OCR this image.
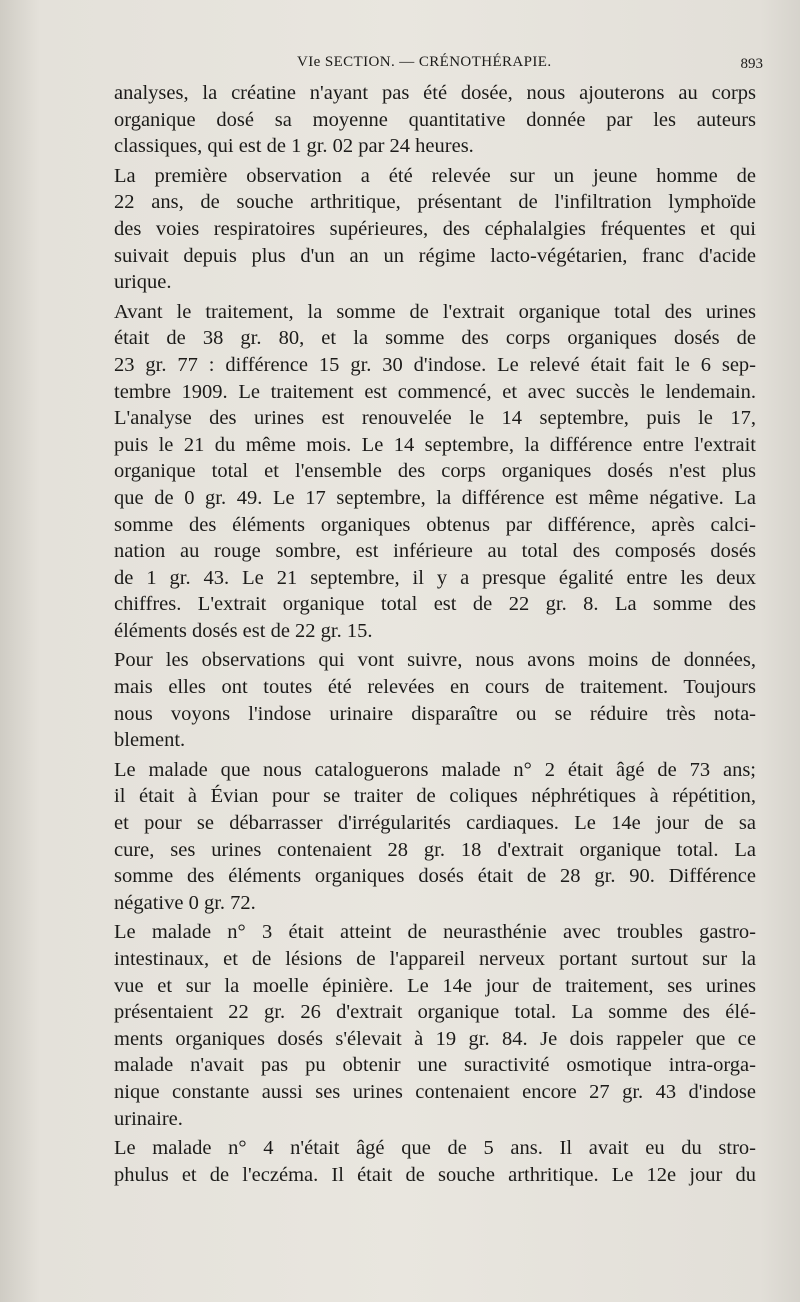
VIe SECTION. — CRÉNOTHÉRAPIE.	893

analyses, la créatine n'ayant pas été dosée, nous ajouterons au corps
organique dosé sa moyenne quantitative donnée par les auteurs
classiques, qui est de 1 gr. 02 par 24 heures.

La première observation a été relevée sur un jeune homme de
22 ans, de souche arthritique, présentant de l'infiltration lymphoïde
des voies respiratoires supérieures, des céphalalgies fréquentes et qui
suivait depuis plus d'un an un régime lacto-végétarien, franc d'acide
urique.

Avant le traitement, la somme de l'extrait organique total des urines
était de 38 gr. 80, et la somme des corps organiques dosés de
23 gr. 77 : différence 15 gr. 30 d'indose. Le relevé était fait le 6 sep-
tembre 1909. Le traitement est commencé, et avec succès le lendemain.
L'analyse des urines est renouvelée le 14 septembre, puis le 17,
puis le 21 du même mois. Le 14 septembre, la différence entre l'extrait
organique total et l'ensemble des corps organiques dosés n'est plus
que de 0 gr. 49. Le 17 septembre, la différence est même négative. La
somme des éléments organiques obtenus par différence, après calci-
nation au rouge sombre, est inférieure au total des composés dosés
de 1 gr. 43. Le 21 septembre, il y a presque égalité entre les deux
chiffres. L'extrait organique total est de 22 gr. 8. La somme des
éléments dosés est de 22 gr. 15.

Pour les observations qui vont suivre, nous avons moins de données,
mais elles ont toutes été relevées en cours de traitement. Toujours
nous voyons l'indose urinaire disparaître ou se réduire très nota-
blement.

Le malade que nous cataloguerons malade n° 2 était âgé de 73 ans;
il était à Évian pour se traiter de coliques néphrétiques à répétition,
et pour se débarrasser d'irrégularités cardiaques. Le 14e jour de sa
cure, ses urines contenaient 28 gr. 18 d'extrait organique total. La
somme des éléments organiques dosés était de 28 gr. 90. Différence
négative 0 gr. 72.

Le malade n° 3 était atteint de neurasthénie avec troubles gastro-
intestinaux, et de lésions de l'appareil nerveux portant surtout sur la
vue et sur la moelle épinière. Le 14e jour de traitement, ses urines
présentaient 22 gr. 26 d'extrait organique total. La somme des élé-
ments organiques dosés s'élevait à 19 gr. 84. Je dois rappeler que ce
malade n'avait pas pu obtenir une suractivité osmotique intra-orga-
nique constante aussi ses urines contenaient encore 27 gr. 43 d'indose
urinaire.

Le malade n° 4 n'était âgé que de 5 ans. Il avait eu du stro-
phulus et de l'eczéma. Il était de souche arthritique. Le 12e jour du
